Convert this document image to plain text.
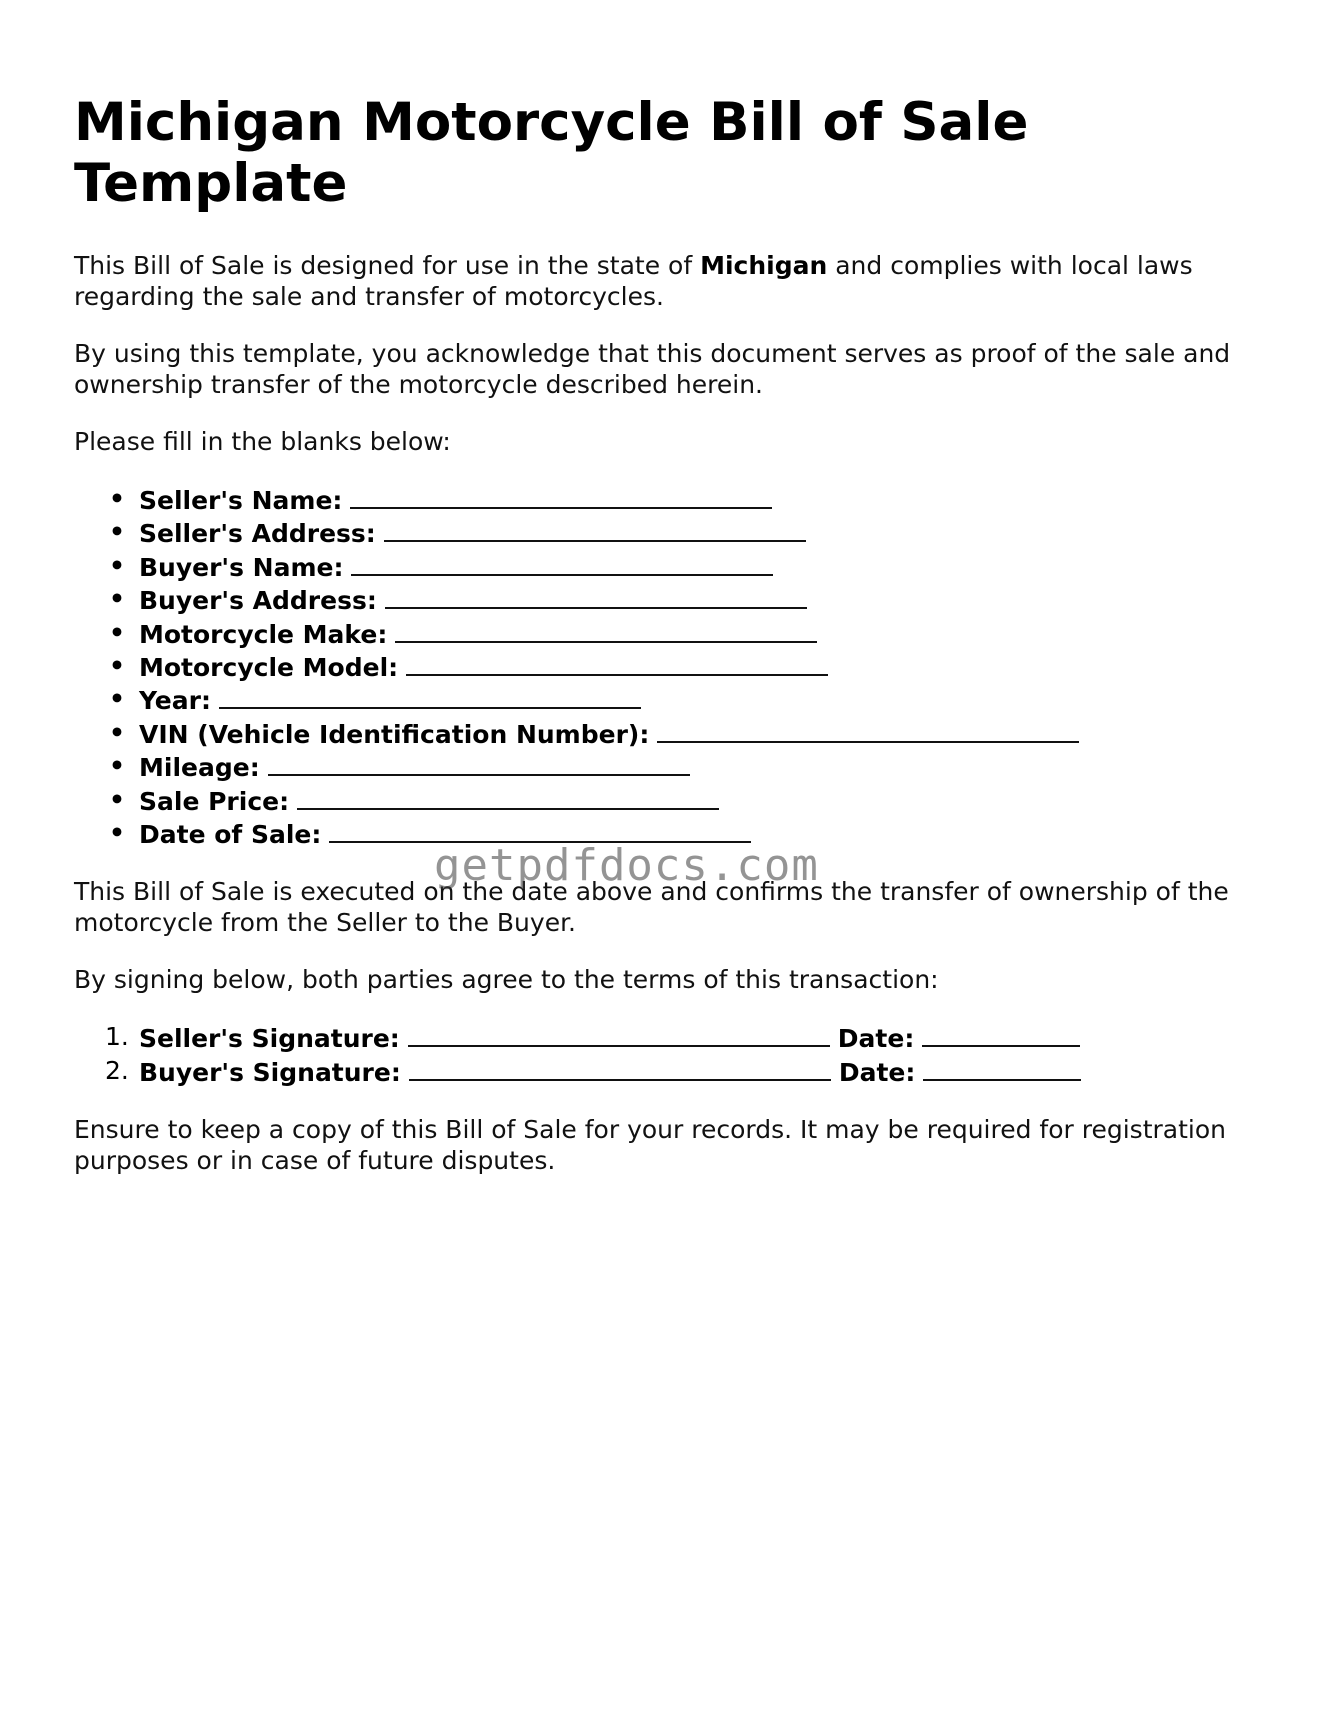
Michigan Motorcycle Bill of Sale Template

This Bill of Sale is designed for use in the state of Michigan and complies with local laws regarding the sale and transfer of motorcycles.

By using this template, you acknowledge that this document serves as proof of the sale and ownership transfer of the motorcycle described herein.

Please fill in the blanks below:

• Seller's Name:
• Seller's Address:
• Buyer's Name:
• Buyer's Address:
• Motorcycle Make:
• Motorcycle Model:
• Year:
• VIN (Vehicle Identification Number):
• Mileage:
• Sale Price:
• Date of Sale:

This Bill of Sale is executed on the date above and confirms the transfer of ownership of the motorcycle from the Seller to the Buyer.

By signing below, both parties agree to the terms of this transaction:

1. Seller's Signature:	Date:
2. Buyer's Signature:	Date:

Ensure to keep a copy of this Bill of Sale for your records. It may be required for registration purposes or in case of future disputes.

getpdfdocs.com
